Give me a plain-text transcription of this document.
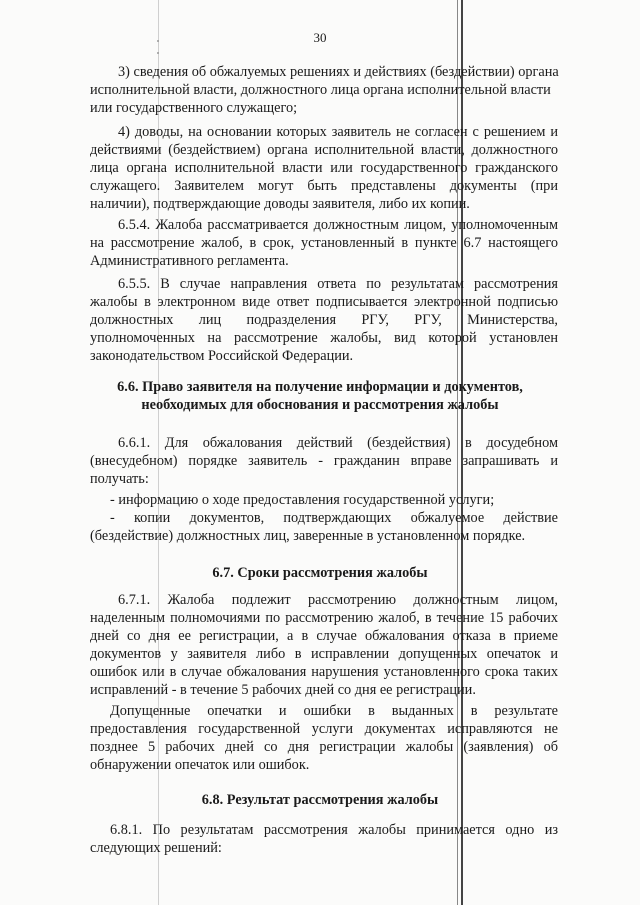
30
3) сведения об обжалуемых решениях и действиях (бездействии) органа
исполнительной власти, должностного лица органа исполнительной власти
или государственного служащего;
4) доводы, на основании которых заявитель не согласен с решением и
действиями (бездействием) органа исполнительной власти, должностного
лица органа исполнительной власти или государственного гражданского
служащего. Заявителем могут быть представлены документы (при
наличии), подтверждающие доводы заявителя, либо их копии.
6.5.4. Жалоба рассматривается должностным лицом, уполномоченным
на рассмотрение жалоб, в срок, установленный в пункте 6.7 настоящего
Административного регламента.
6.5.5. В случае направления ответа по результатам рассмотрения
жалобы в электронном виде ответ подписывается электронной подписью
должностных лиц подразделения РГУ, РГУ, Министерства,
уполномоченных на рассмотрение жалобы, вид которой установлен
законодательством Российской Федерации.
6.6. Право заявителя на получение информации и документов,
необходимых для обоснования и рассмотрения жалобы
6.6.1. Для обжалования действий (бездействия) в досудебном
(внесудебном) порядке заявитель - гражданин вправе запрашивать и
получать:
- информацию о ходе предоставления государственной услуги;
- копии документов, подтверждающих обжалуемое действие
(бездействие) должностных лиц, заверенные в установленном порядке.
6.7. Сроки рассмотрения жалобы
6.7.1. Жалоба подлежит рассмотрению должностным лицом,
наделенным полномочиями по рассмотрению жалоб, в течение 15 рабочих
дней со дня ее регистрации, а в случае обжалования отказа в приеме
документов у заявителя либо в исправлении допущенных опечаток и
ошибок или в случае обжалования нарушения установленного срока таких
исправлений - в течение 5 рабочих дней со дня ее регистрации.
Допущенные опечатки и ошибки в выданных в результате
предоставления государственной услуги документах исправляются не
позднее 5 рабочих дней со дня регистрации жалобы (заявления) об
обнаружении опечаток или ошибок.
6.8. Результат рассмотрения жалобы
6.8.1. По результатам рассмотрения жалобы принимается одно из
следующих решений:
